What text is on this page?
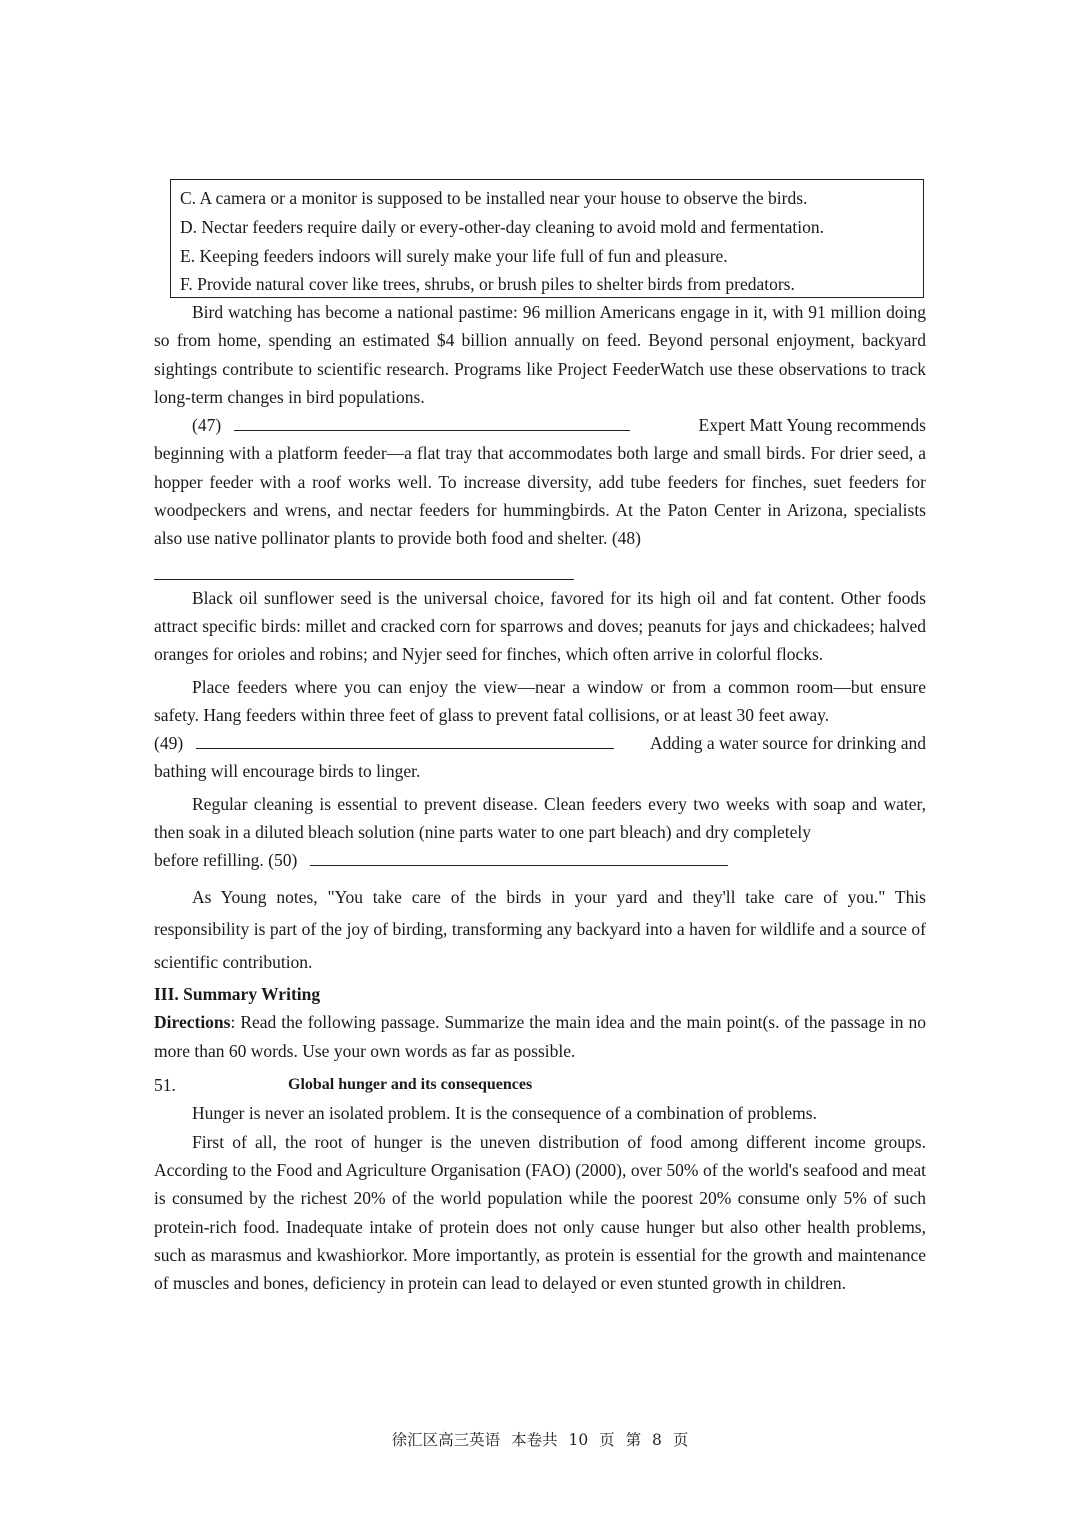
C. A camera or a monitor is supposed to be installed near your house to observe the birds.
D. Nectar feeders require daily or every-other-day cleaning to avoid mold and fermentation.
E. Keeping feeders indoors will surely make your life full of fun and pleasure.
F. Provide natural cover like trees, shrubs, or brush piles to shelter birds from predators.

Bird watching has become a national pastime: 96 million Americans engage in it, with 91 million doing so from home, spending an estimated $4 billion annually on feed. Beyond personal enjoyment, backyard sightings contribute to scientific research. Programs like Project FeederWatch use these observations to track long-term changes in bird populations.

(47)	Expert Matt Young recommends

beginning with a platform feeder—a flat tray that accommodates both large and small birds. For drier seed, a hopper feeder with a roof works well. To increase diversity, add tube feeders for finches, suet feeders for woodpeckers and wrens, and nectar feeders for hummingbirds. At the Paton Center in Arizona, specialists also use native pollinator plants to provide both food and shelter. (48)

Black oil sunflower seed is the universal choice, favored for its high oil and fat content. Other foods attract specific birds: millet and cracked corn for sparrows and doves; peanuts for jays and chickadees; halved oranges for orioles and robins; and Nyjer seed for finches, which often arrive in colorful flocks.

Place feeders where you can enjoy the view—near a window or from a common room—but ensure safety. Hang feeders within three feet of glass to prevent fatal collisions, or at least 30 feet away.

(49)	Adding a water source for drinking and

bathing will encourage birds to linger.

Regular cleaning is essential to prevent disease. Clean feeders every two weeks with soap and water, then soak in a diluted bleach solution (nine parts water to one part bleach) and dry completely

before refilling. (50)

As Young notes, "You take care of the birds in your yard and they'll take care of you." This responsibility is part of the joy of birding, transforming any backyard into a haven for wildlife and a source of scientific contribution.

III. Summary Writing

Directions: Read the following passage. Summarize the main idea and the main point(s. of the passage in no more than 60 words. Use your own words as far as possible.

51.	Global hunger and its consequences

Hunger is never an isolated problem. It is the consequence of a combination of problems.

First of all, the root of hunger is the uneven distribution of food among different income groups. According to the Food and Agriculture Organisation (FAO) (2000), over 50% of the world's seafood and meat is consumed by the richest 20% of the world population while the poorest 20% consume only 5% of such protein-rich food. Inadequate intake of protein does not only cause hunger but also other health problems, such as marasmus and kwashiorkor. More importantly, as protein is essential for the growth and maintenance of muscles and bones, deficiency in protein can lead to delayed or even stunted growth in children.

徐汇区高三英语 本卷共 10 页 第 8 页
